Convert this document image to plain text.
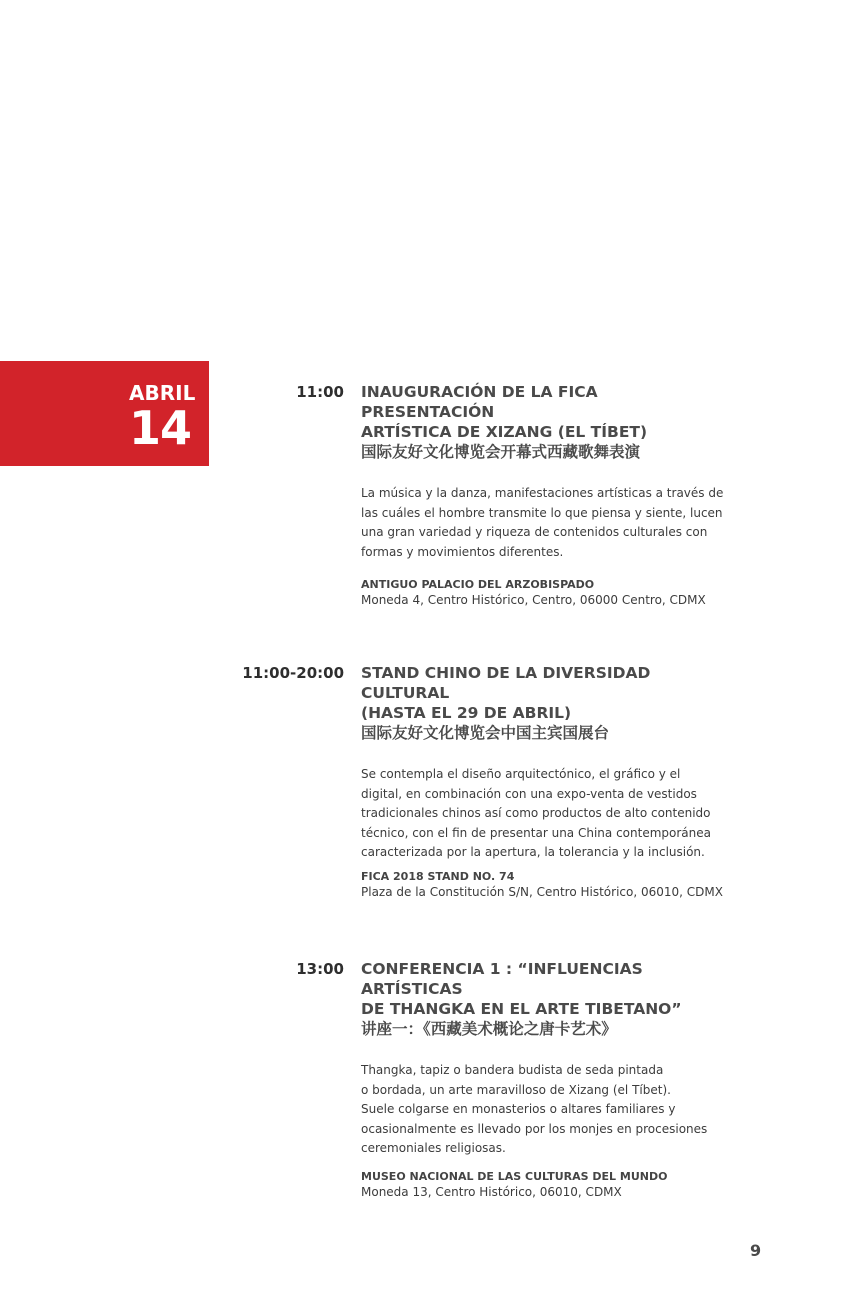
ABRIL
14
11:00 INAUGURACIÓN DE LA FICA PRESENTACIÓN

ARTÍSTICA DE XIZANG (EL TÍBET)

国际友好文化博览会开幕式西藏歌舞表演

La música y la danza, manifestaciones artísticas a través de

las cuáles el hombre transmite lo que piensa y siente, lucen

una gran variedad y riqueza de contenidos culturales con

formas y movimientos diferentes.

ANTIGUO PALACIO DEL ARZOBISPADO

Moneda 4, Centro Histórico, Centro, 06000 Centro, CDMX

11:00-20:00 STAND CHINO DE LA DIVERSIDAD CULTURAL

(HASTA EL 29 DE ABRIL)

国际友好文化博览会中国主宾国展台

Se contempla el diseño arquitectónico, el gráfico y el

digital, en combinación con una expo-venta de vestidos

tradicionales chinos así como productos de alto contenido

técnico, con el fin de presentar una China contemporánea

caracterizada por la apertura, la tolerancia y la inclusión.

FICA 2018 STAND NO. 74

Plaza de la Constitución S/N, Centro Histórico, 06010, CDMX

13:00 CONFERENCIA 1 : “INFLUENCIAS ARTÍSTICAS

DE THANGKA EN EL ARTE TIBETANO”

讲座一：《西藏美术概论之唐卡艺术》

Thangka, tapiz o bandera budista de seda pintada

o bordada, un arte maravilloso de Xizang (el Tíbet).

Suele colgarse en monasterios o altares familiares y

ocasionalmente es llevado por los monjes en procesiones

ceremoniales religiosas.

MUSEO NACIONAL DE LAS CULTURAS DEL MUNDO

Moneda 13, Centro Histórico, 06010, CDMX

9
